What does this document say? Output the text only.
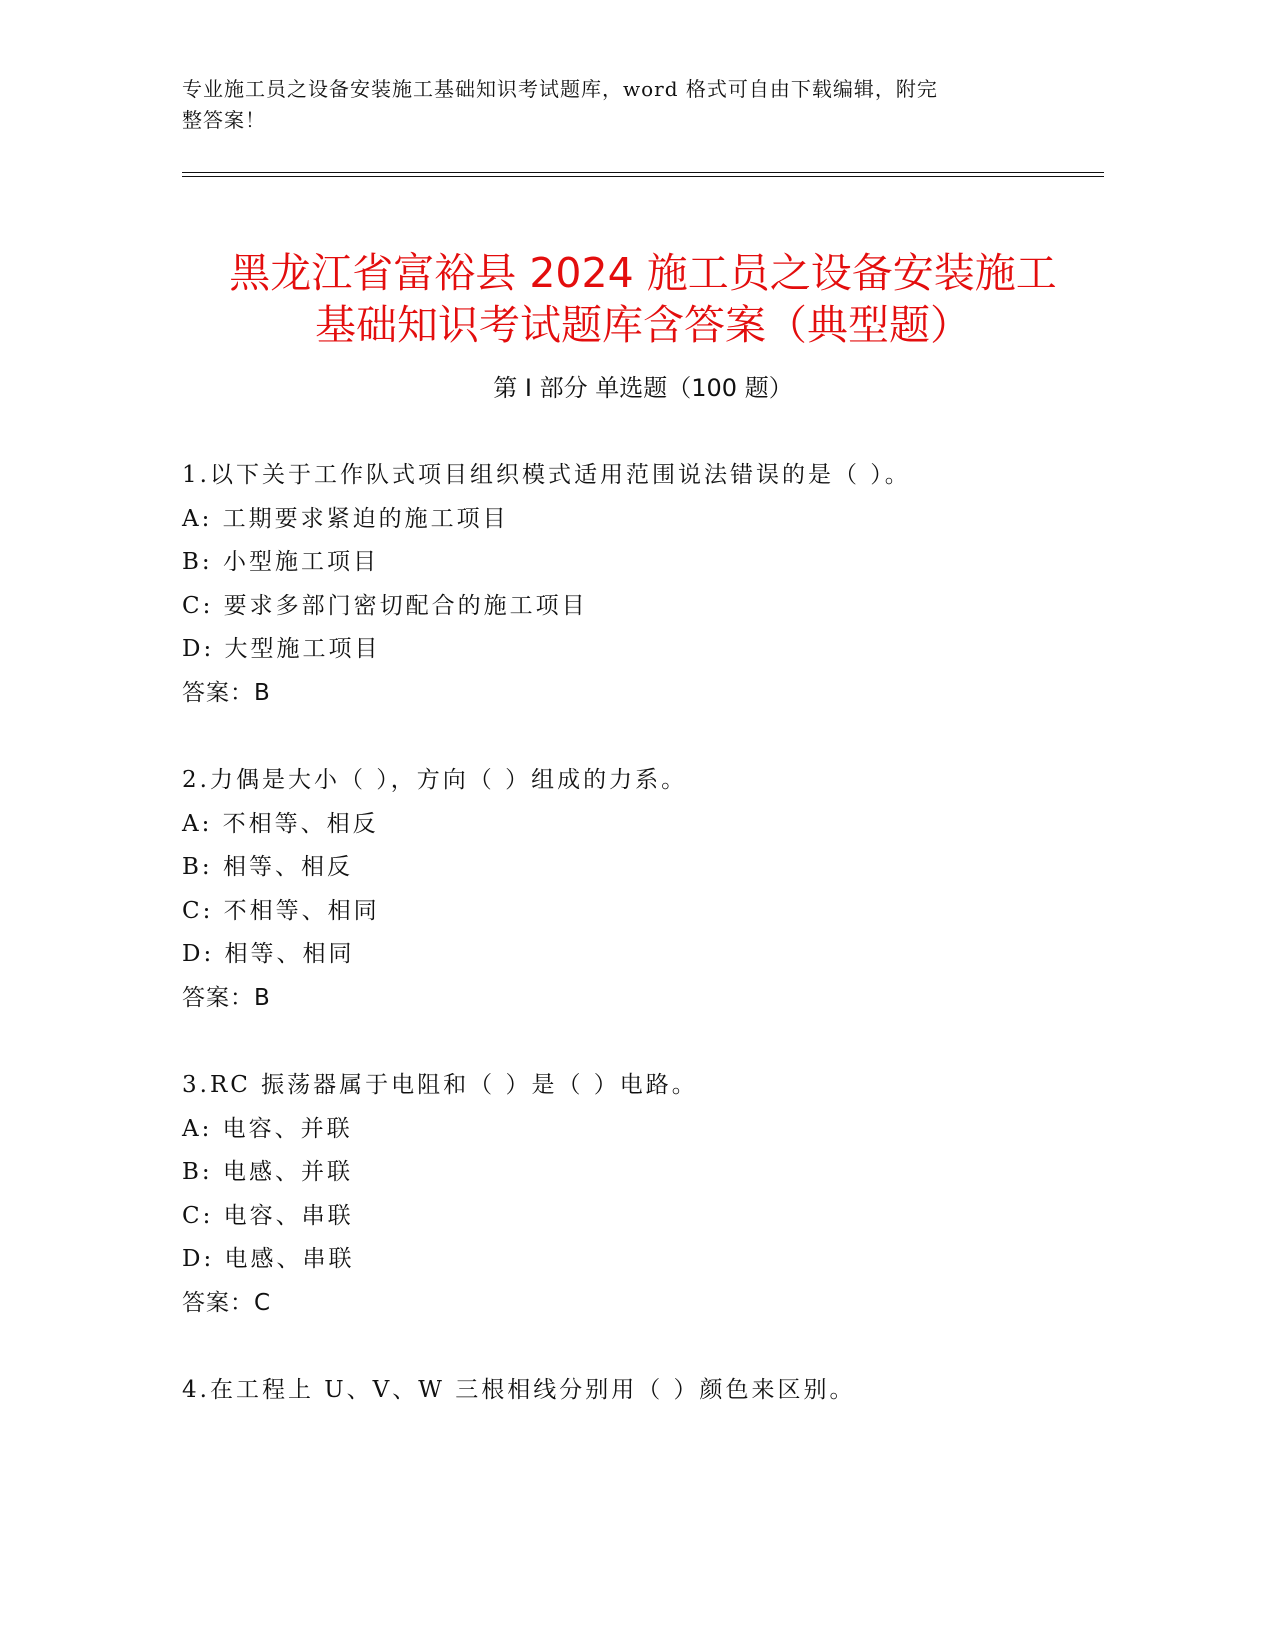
专业施工员之设备安装施工基础知识考试题库，word 格式可自由下载编辑，附完
整答案！
黑龙江省富裕县 2024 施工员之设备安装施工
基础知识考试题库含答案（典型题）
第 I 部分 单选题（100 题）
1.以下关于工作队式项目组织模式适用范围说法错误的是（ ）。
A: 工期要求紧迫的施工项目
B: 小型施工项目
C: 要求多部门密切配合的施工项目
D: 大型施工项目
答案：B
2.力偶是大小（ ），方向（ ）组成的力系。
A: 不相等、相反
B: 相等、相反
C: 不相等、相同
D: 相等、相同
答案：B
3.RC 振荡器属于电阻和（ ）是（ ）电路。
A: 电容、并联
B: 电感、并联
C: 电容、串联
D: 电感、串联
答案：C
4.在工程上 U、V、W 三根相线分别用（ ）颜色来区别。
